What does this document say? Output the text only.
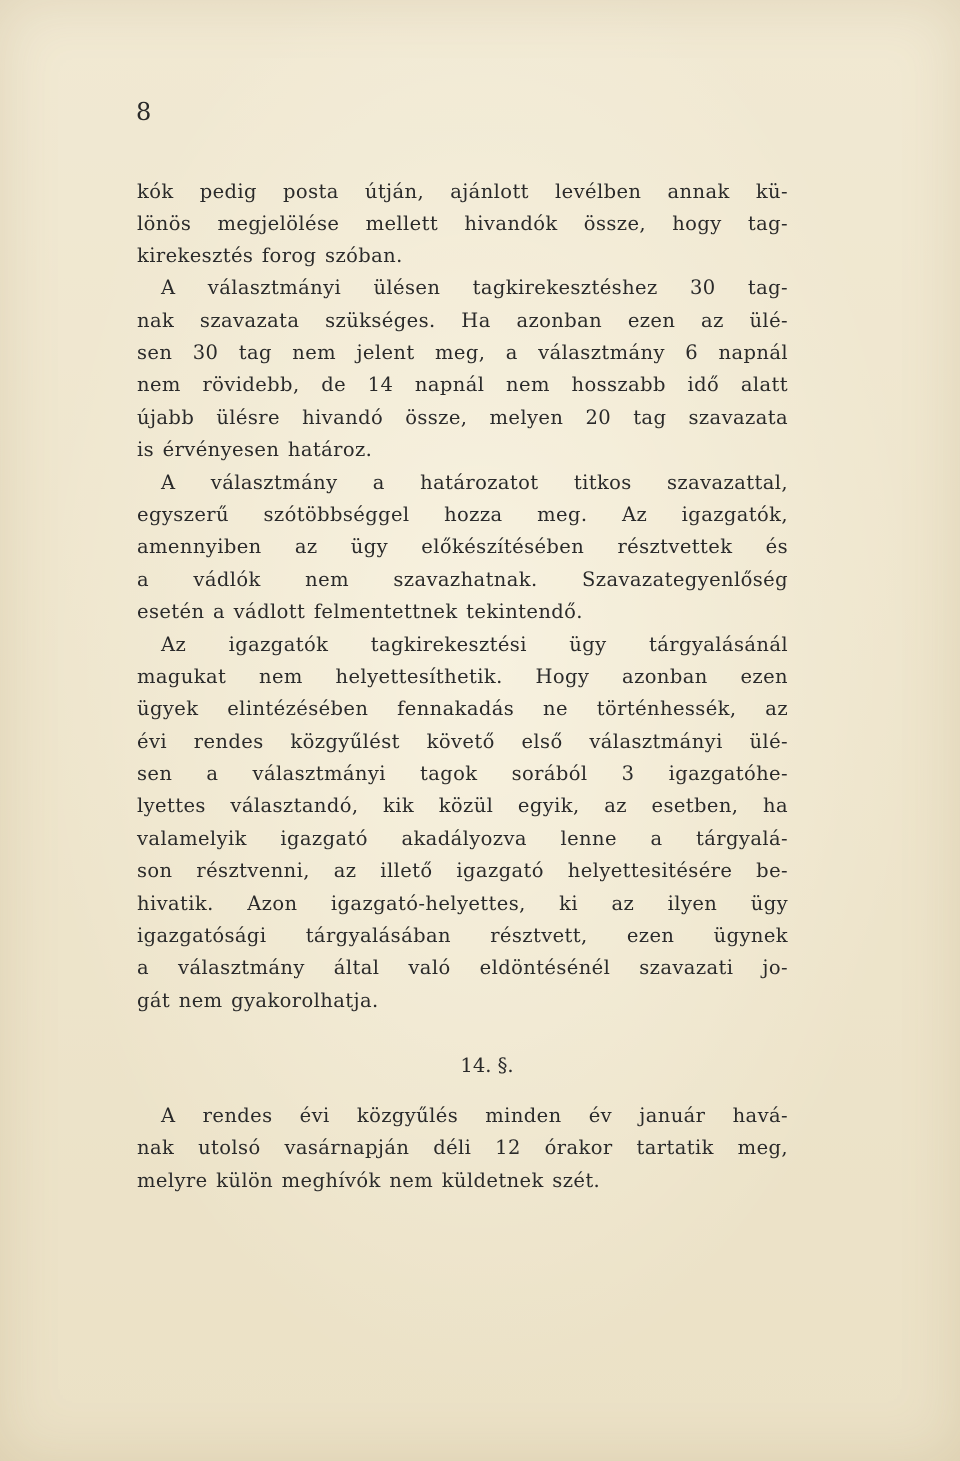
8
kók pedig posta útján, ajánlott levélben annak kü-
lönös megjelölése mellett hivandók össze, hogy tag-
kirekesztés forog szóban.
A választmányi ülésen tagkirekesztéshez 30 tag-
nak szavazata szükséges. Ha azonban ezen az ülé-
sen 30 tag nem jelent meg, a választmány 6 napnál
nem rövidebb, de 14 napnál nem hosszabb idő alatt
újabb ülésre hivandó össze, melyen 20 tag szavazata
is érvényesen határoz.
A választmány a határozatot titkos szavazattal,
egyszerű szótöbbséggel hozza meg. Az igazgatók,
amennyiben az ügy előkészítésében résztvettek és
a vádlók nem szavazhatnak. Szavazategyenlőség
esetén a vádlott felmentettnek tekintendő.
Az igazgatók tagkirekesztési ügy tárgyalásánál
magukat nem helyettesíthetik. Hogy azonban ezen
ügyek elintézésében fennakadás ne történhessék, az
évi rendes közgyűlést követő első választmányi ülé-
sen a választmányi tagok sorából 3 igazgatóhe-
lyettes választandó, kik közül egyik, az esetben, ha
valamelyik igazgató akadályozva lenne a tárgyalá-
son résztvenni, az illető igazgató helyettesitésére be-
hivatik. Azon igazgató-helyettes, ki az ilyen ügy
igazgatósági tárgyalásában résztvett, ezen ügynek
a választmány által való eldöntésénél szavazati jo-
gát nem gyakorolhatja.
14. §.
A rendes évi közgyűlés minden év január havá-
nak utolsó vasárnapján déli 12 órakor tartatik meg,
melyre külön meghívók nem küldetnek szét.
